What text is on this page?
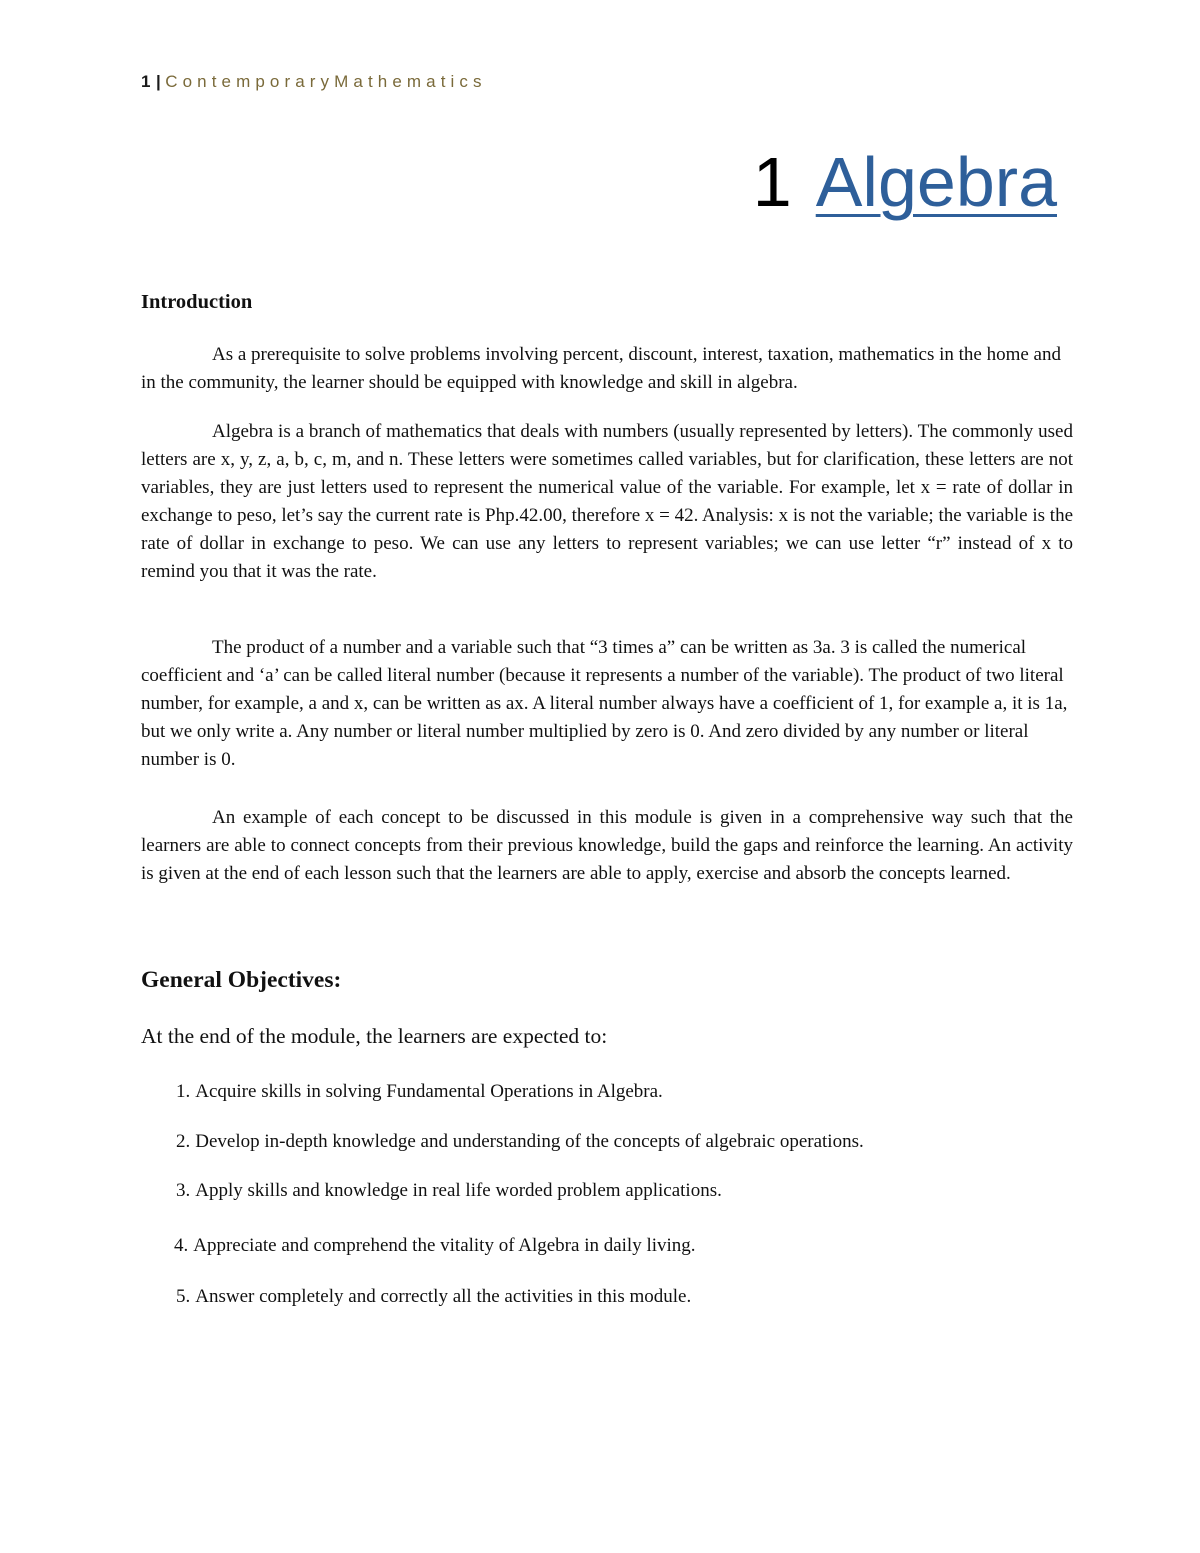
1 | ContemporaryMathematics
1 Algebra
Introduction

As a prerequisite to solve problems involving percent, discount, interest, taxation, mathematics in the home and in the community, the learner should be equipped with knowledge and skill in algebra.

Algebra is a branch of mathematics that deals with numbers (usually represented by letters). The commonly used letters are x, y, z, a, b, c, m, and n. These letters were sometimes called variables, but for clarification, these letters are not variables, they are just letters used to represent the numerical value of the variable. For example, let x = rate of dollar in exchange to peso, let’s say the current rate is Php.42.00, therefore x = 42. Analysis: x is not the variable; the variable is the rate of dollar in exchange to peso. We can use any letters to represent variables; we can use letter “r” instead of x to remind you that it was the rate.

The product of a number and a variable such that “3 times a” can be written as 3a. 3 is called the numerical coefficient and ‘a’ can be called literal number (because it represents a number of the variable). The product of two literal number, for example, a and x, can be written as ax. A literal number always have a coefficient of 1, for example a, it is 1a, but we only write a. Any number or literal number multiplied by zero is 0. And zero divided by any number or literal number is 0.

An example of each concept to be discussed in this module is given in a comprehensive way such that the learners are able to connect concepts from their previous knowledge, build the gaps and reinforce the learning. An activity is given at the end of each lesson such that the learners are able to apply, exercise and absorb the concepts learned.

General Objectives:

At the end of the module, the learners are expected to:

1. Acquire skills in solving Fundamental Operations in Algebra.
2. Develop in-depth knowledge and understanding of the concepts of algebraic operations.
3. Apply skills and knowledge in real life worded problem applications.
4. Appreciate and comprehend the vitality of Algebra in daily living.
5. Answer completely and correctly all the activities in this module.
